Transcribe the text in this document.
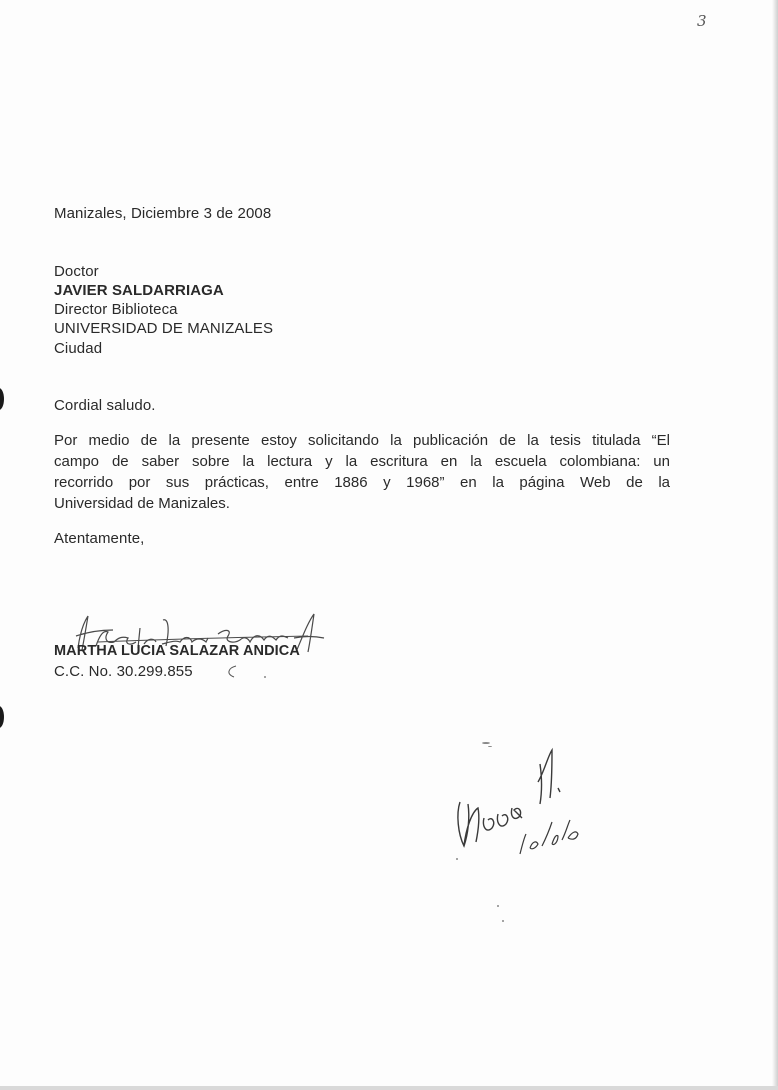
3
Manizales, Diciembre 3 de 2008
Doctor
JAVIER SALDARRIAGA
Director Biblioteca
UNIVERSIDAD DE MANIZALES
Ciudad
Cordial saludo.
Por medio de la presente estoy solicitando la publicación de la tesis titulada “El
campo de saber sobre la lectura y la escritura en la escuela colombiana: un
recorrido por sus prácticas, entre 1886 y 1968” en la página Web de la
Universidad de Manizales.
Atentamente,
MARTHA LUCIA SALAZAR ANDICA
C.C. No. 30.299.855
